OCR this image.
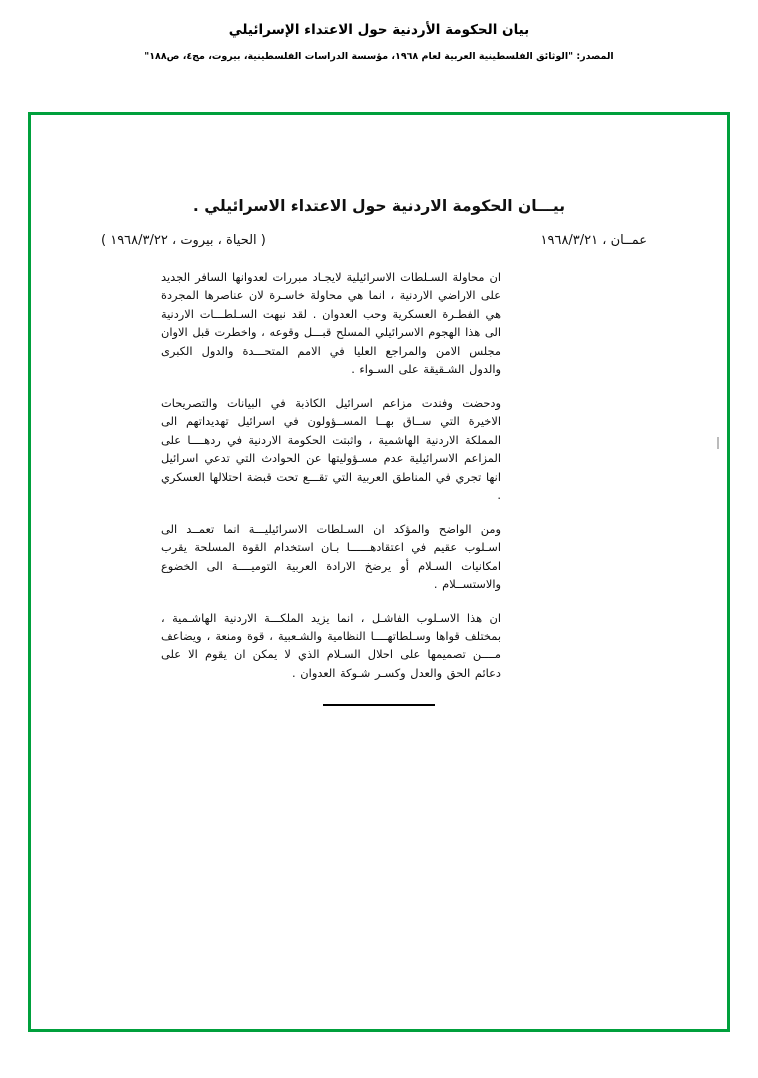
بيان الحكومة الأردنية حول الاعتداء الإسرائيلي
المصدر: "الوثائق الفلسطينية العربية لعام ١٩٦٨، مؤسسة الدراسات الفلسطينية، بيروت، مج٤، ص١٨٨"
بيـــان الحكومة الاردنية حول الاعتداء الاسرائيلي .
عمــان ، ١٩٦٨/٣/٢١
( الحياة ، بيروت ، ١٩٦٨/٣/٢٢ )

ان محاولة السـلطات الاسرائيلية لايجـاد مبررات لعدوانها السافر الجديد على الاراضي الاردنية ، انما هي محاولة خاسـرة لان عناصرها المجردة هي الفطـرة العسكرية وحب العدوان . لقد نبهت السـلطـــات الاردنية الى هذا الهجوم الاسرائيلي المسلح قبـــل وقوعه ، واخطرت قبل الاوان مجلس الامن والمراجع العليا في الامم المتحـــدة والدول الكبرى والدول الشـقيقة على السـواء .

ودحضت وفندت مزاعم اسرائيل الكاذبة في البيانات والتصريحات الاخيرة التي ســاق بهــا المســؤولون في اسرائيل تهديداتهم الى المملكة الاردنية الهاشمية ، واثبتت الحكومة الاردنية في ردهــــا على المزاعم الاسرائيلية عدم مسـؤوليتها عن الحوادث التي تدعي اسرائيل انها تجري في المناطق العربية التي تقـــع تحت قبضة احتلالها العسكري .

ومن الواضح والمؤكد ان السـلطات الاسرائيليـــة انما تعمــد الى اسـلوب عقيم في اعتقادهــــــا بـان استخدام القوة المسلحة يقرب امكانيات السـلام أو يرضخ الارادة العربية التوميــــة الى الخضوع والاستســلام .

ان هذا الاسـلوب الفاشـل ، انما يزيد الملكـــة الاردنية الهاشـمية ، بمختلف قواها وسـلطاتهــــا النظامية والشـعبية ، قوة ومنعة ، ويضاعف مــــن تصميمها على احلال السـلام الذي لا يمكن ان يقوم الا على دعائم الحق والعدل وكسـر شـوكة العدوان .
